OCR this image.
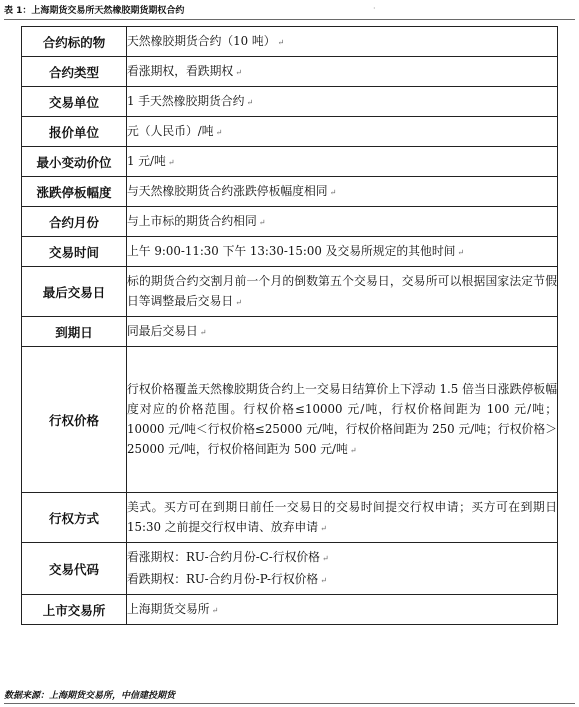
表 1：上海期货交易所天然橡胶期货期权合约	·
合约标的物	天然橡胶期货合约（10 吨） ↵

合约类型	看涨期权，看跌期权 ↵

交易单位	1 手天然橡胶期货合约 ↵

报价单位	元（人民币）/吨 ↵

最小变动价位	1 元/吨 ↵

涨跌停板幅度	与天然橡胶期货合约涨跌停板幅度相同 ↵

合约月份	与上市标的期货合约相同 ↵

交易时间	上午 9:00-11:30 下午 13:30-15:00 及交易所规定的其他时间 ↵

最后交易日	标的期货合约交割月前一个月的倒数第五个交易日，交易所可以根据国家法定节假日等调整最后交易日 ↵

到期日	同最后交易日 ↵

行权价格	行权价格覆盖天然橡胶期货合约上一交易日结算价上下浮动 1.5 倍当日涨跌停板幅度对应的价格范围。行权价格≤10000 元/吨，行权价格间距为 100 元/吨；10000 元/吨＜行权价格≤25000 元/吨，行权价格间距为 250 元/吨；行权价格＞25000 元/吨，行权价格间距为 500 元/吨 ↵

行权方式	美式。买方可在到期日前任一交易日的交易时间提交行权申请；买方可在到期日 15:30 之前提交行权申请、放弃申请 ↵

交易代码	看涨期权：RU-合约月份-C-行权价格 ↵
看跌期权：RU-合约月份-P-行权价格 ↵

上市交易所	上海期货交易所 ↵
数据来源：上海期货交易所，中信建投期货
